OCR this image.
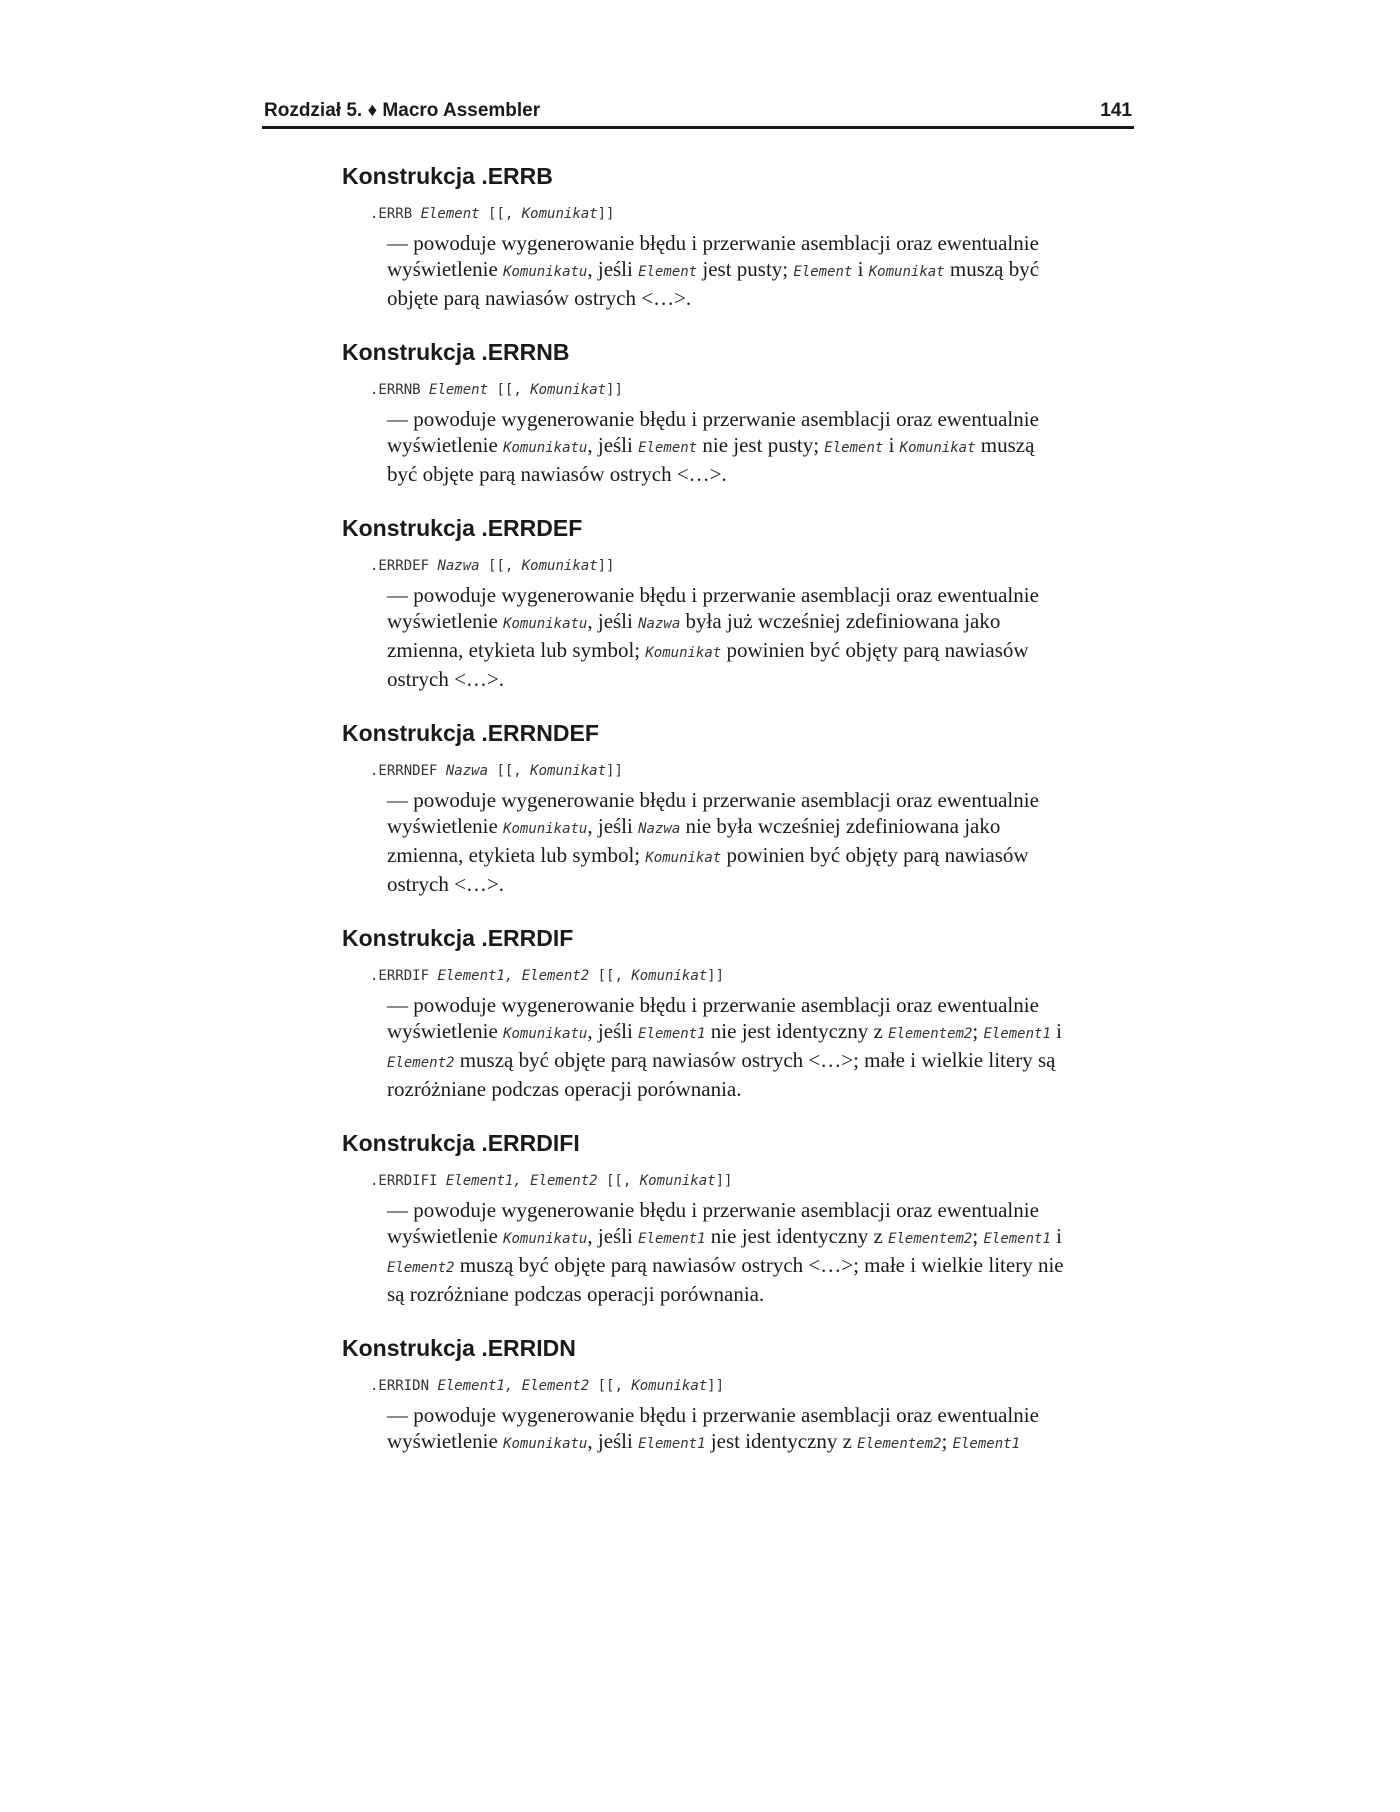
Rozdział 5. ♦ Macro Assembler	141
Konstrukcja .ERRB
.ERRB Element [[, Komunikat]]
— powoduje wygenerowanie błędu i przerwanie asemblacji oraz ewentualnie wyświetlenie Komunikatu, jeśli Element jest pusty; Element i Komunikat muszą być objęte parą nawiasów ostrych <…>.
Konstrukcja .ERRNB
.ERRNB Element [[, Komunikat]]
— powoduje wygenerowanie błędu i przerwanie asemblacji oraz ewentualnie wyświetlenie Komunikatu, jeśli Element nie jest pusty; Element i Komunikat muszą być objęte parą nawiasów ostrych <…>.
Konstrukcja .ERRDEF
.ERRDEF Nazwa [[, Komunikat]]
— powoduje wygenerowanie błędu i przerwanie asemblacji oraz ewentualnie wyświetlenie Komunikatu, jeśli Nazwa była już wcześniej zdefiniowana jako zmienna, etykieta lub symbol; Komunikat powinien być objęty parą nawiasów ostrych <…>.
Konstrukcja .ERRNDEF
.ERRNDEF Nazwa [[, Komunikat]]
— powoduje wygenerowanie błędu i przerwanie asemblacji oraz ewentualnie wyświetlenie Komunikatu, jeśli Nazwa nie była wcześniej zdefiniowana jako zmienna, etykieta lub symbol; Komunikat powinien być objęty parą nawiasów ostrych <…>.
Konstrukcja .ERRDIF
.ERRDIF Element1, Element2 [[, Komunikat]]
— powoduje wygenerowanie błędu i przerwanie asemblacji oraz ewentualnie wyświetlenie Komunikatu, jeśli Element1 nie jest identyczny z Elementem2; Element1 i Element2 muszą być objęte parą nawiasów ostrych <…>; małe i wielkie litery są rozróżniane podczas operacji porównania.
Konstrukcja .ERRDIFI
.ERRDIFI Element1, Element2 [[, Komunikat]]
— powoduje wygenerowanie błędu i przerwanie asemblacji oraz ewentualnie wyświetlenie Komunikatu, jeśli Element1 nie jest identyczny z Elementem2; Element1 i Element2 muszą być objęte parą nawiasów ostrych <…>; małe i wielkie litery nie są rozróżniane podczas operacji porównania.
Konstrukcja .ERRIDN
.ERRIDN Element1, Element2 [[, Komunikat]]
— powoduje wygenerowanie błędu i przerwanie asemblacji oraz ewentualnie wyświetlenie Komunikatu, jeśli Element1 jest identyczny z Elementem2; Element1
